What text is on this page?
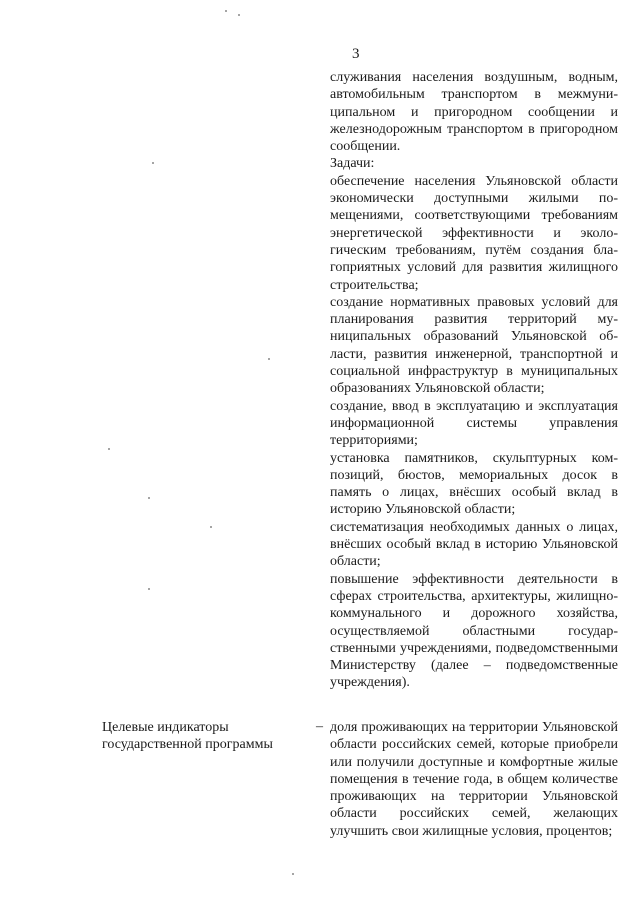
3

служивания населения воздушным, водным, автомобильным транспортом в межмуниципальном и пригородном сообщении и железнодорожным транспортом в пригородном сообщении.

Задачи:

обеспечение населения Ульяновской области экономически доступными жилыми помещениями, соответствующими требованиям энергетической эффективности и экологическим требованиям, путём создания благоприятных условий для развития жилищного строительства;

создание нормативных правовых условий для планирования развития территорий муниципальных образований Ульяновской области, развития инженерной, транспортной и социальной инфраструктур в муниципальных образованиях Ульяновской области;

создание, ввод в эксплуатацию и эксплуатация информационной системы управления территориями;

установка памятников, скульптурных композиций, бюстов, мемориальных досок в память о лицах, внёсших особый вклад в историю Ульяновской области;

систематизация необходимых данных о лицах, внёсших особый вклад в историю Ульяновской области;

повышение эффективности деятельности в сферах строительства, архитектуры, жилищно-коммунального и дорожного хозяйства, осуществляемой областными государственными учреждениями, подведомственными Министерству (далее – подведомственные учреждения).

Целевые индикаторы
государственной программы
– доля проживающих на территории Ульяновской области российских семей, которые приобрели или получили доступные и комфортные жилые помещения в течение года, в общем количестве проживающих на территории Ульяновской области российских семей, желающих улучшить свои жилищные условия, процентов;
